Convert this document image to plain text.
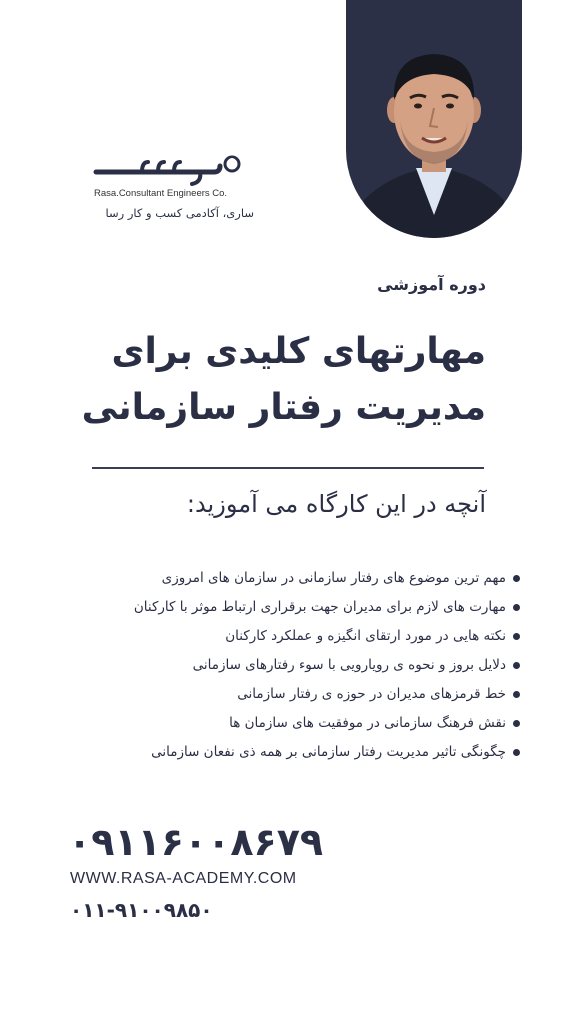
Rasa.Consultant Engineers Co.
ساری، آکادمی کسب و کار رسا
دوره آموزشی
مهارتهای کلیدی برای
مدیریت رفتار سازمانی
آنچه در این کارگاه می آموزید:
مهم ترین موضوع های رفتار سازمانی در سازمان های امروزی
مهارت های لازم برای مدیران جهت برقراری ارتباط موثر با کارکنان
نکته هایی در مورد ارتقای انگیزه و عملکرد کارکنان
دلایل بروز و نحوه ی رویارویی با سوء رفتارهای سازمانی
خط قرمزهای مدیران در حوزه ی رفتار سازمانی
نقش فرهنگ سازمانی در موفقیت های سازمان ها
چگونگی تاثیر مدیریت رفتار سازمانی بر همه ذی نفعان سازمانی
۰۹۱۱۶۰۰۸۶۷۹
WWW.RASA-ACADEMY.COM
۰۱۱-۹۱۰۰۹۸۵۰
